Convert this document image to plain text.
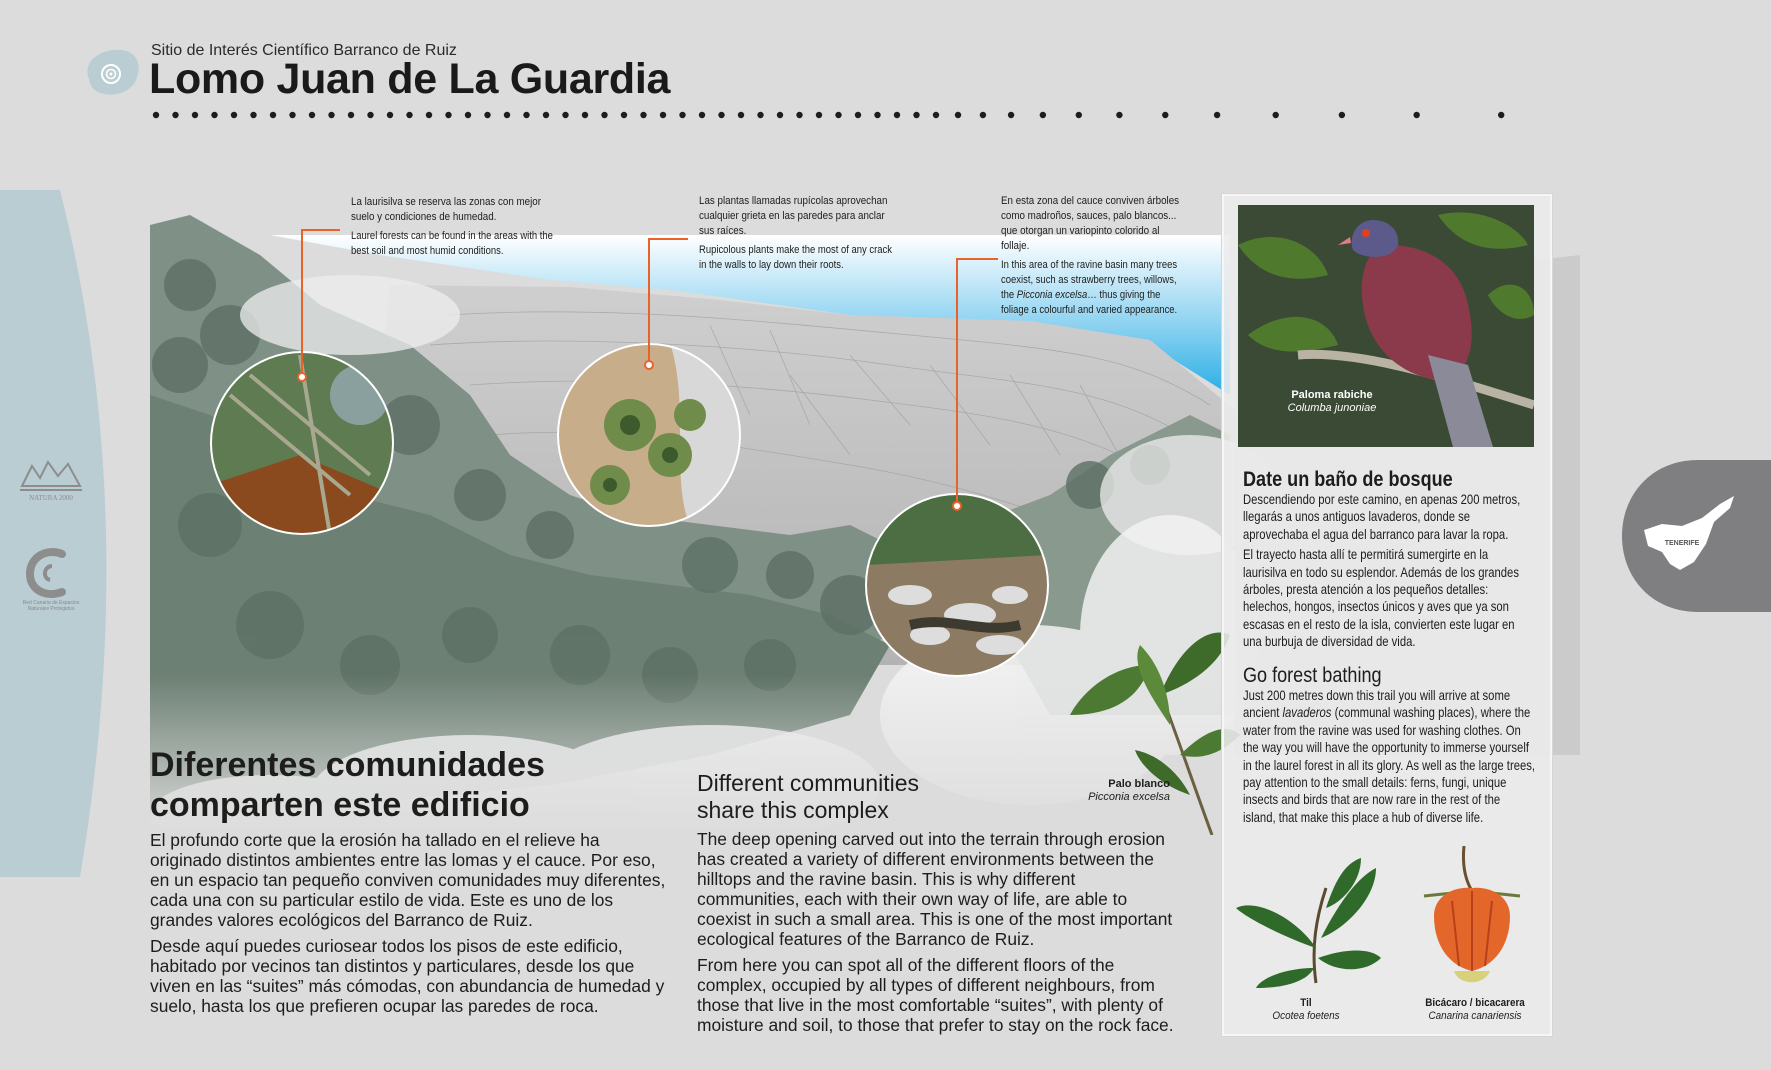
Sitio de Interés Científico Barranco de Ruiz
Lomo Juan de La Guardia
NATURA 2000
Red Canaria de Espacios Naturales Protegidos
TENERIFE
La laurisilva se reserva las zonas con mejor suelo y condiciones de humedad.
Laurel forests can be found in the areas with the best soil and most humid conditions.
Las plantas llamadas rupícolas aprovechan cualquier grieta en las paredes para anclar sus raíces.
Rupicolous plants make the most of any crack in the walls to lay down their roots.
En esta zona del cauce conviven árboles como madroños, sauces, palo blancos... que otorgan un variopinto colorido al follaje.
In this area of the ravine basin many trees coexist, such as strawberry trees, willows, the Picconia excelsa… thus giving the foliage a colourful and varied appearance.
Diferentes comunidades
comparten este edificio

El profundo corte que la erosión ha tallado en el relieve ha originado distintos ambientes entre las lomas y el cauce. Por eso, en un espacio tan pequeño conviven comunidades muy diferentes, cada una con su particular estilo de vida. Este es uno de los grandes valores ecológicos del Barranco de Ruiz.

Desde aquí puedes curiosear todos los pisos de este edificio, habitado por vecinos tan distintos y particulares, desde los que viven en las “suites” más cómodas, con abundancia de humedad y suelo, hasta los que prefieren ocupar las paredes de roca.

Different communities
share this complex

The deep opening carved out into the terrain through erosion has created a variety of different environments between the hilltops and the ravine basin. This is why different communities, each with their own way of life, are able to coexist in such a small area. This is one of the most important ecological features of the Barranco de Ruiz.

From here you can spot all of the different floors of the complex, occupied by all types of different neighbours, from those that live in the most comfortable “suites”, with plenty of moisture and soil, to those that prefer to stay on the rock face.

Palo blanco
Picconia excelsa
Paloma rabiche
Columba junoniae
Date un baño de bosque

Descendiendo por este camino, en apenas 200 metros, llegarás a unos antiguos lavaderos, donde se aprovechaba el agua del barranco para lavar la ropa.

El trayecto hasta allí te permitirá sumergirte en la laurisilva en todo su esplendor. Además de los grandes árboles, presta atención a los pequeños detalles: helechos, hongos, insectos únicos y aves que ya son escasas en el resto de la isla, convierten este lugar en una burbuja de diversidad de vida.

Go forest bathing

Just 200 metres down this trail you will arrive at some ancient lavaderos (communal washing places), where the water from the ravine was used for washing clothes. On the way you will have the opportunity to immerse yourself in the laurel forest in all its glory. As well as the large trees, pay attention to the small details: ferns, fungi, unique insects and birds that are now rare in the rest of the island, that make this place a hub of diverse life.

Til
Ocotea foetens
Bicácaro / bicacarera
Canarina canariensis
